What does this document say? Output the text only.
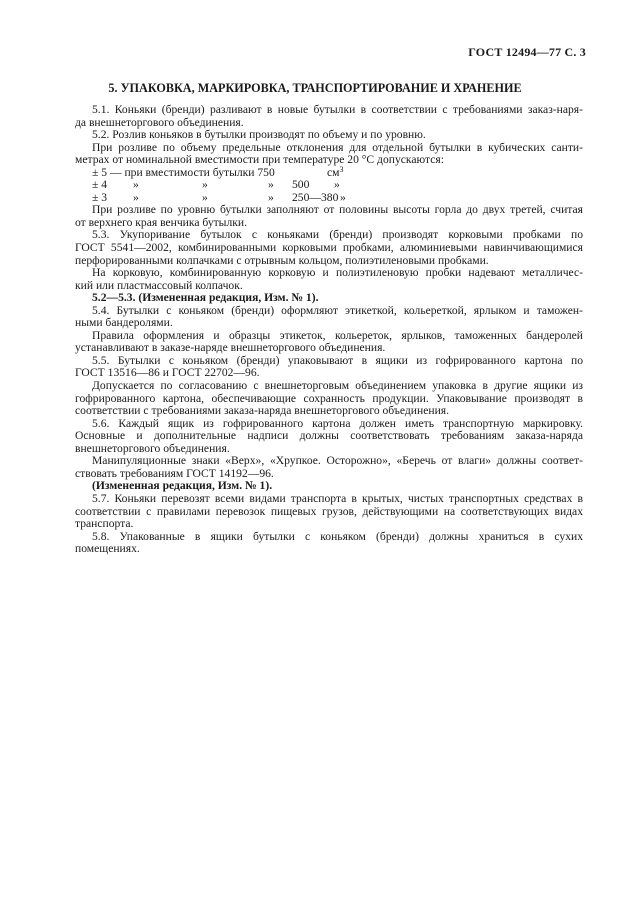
ГОСТ 12494—77 С. 3
5. УПАКОВКА, МАРКИРОВКА, ТРАНСПОРТИРОВАНИЕ И ХРАНЕНИЕ

5.1. Коньяки (бренди) разливают в новые бутылки в соответствии с требованиями заказ-наря-

да внешнеторгового объединения.

5.2. Розлив коньяков в бутылки производят по объему и по уровню.

При розливе по объему предельные отклонения для отдельной бутылки в кубических санти-

метрах от номинальной вместимости при температуре 20 °С допускаются:
± 5 — при вместимости бутылки 750	$см^3$
± 4 »	»	» 500 »
± 3 »	»	» 250—380 »

При розливе по уровню бутылки заполняют от половины высоты горла до двух третей, считая

от верхнего края венчика бутылки.

5.3. Укупоривание бутылок с коньяками (бренди) производят корковыми пробками по

ГОСТ 5541—2002, комбинированными корковыми пробками, алюминиевыми навинчивающимися
перфорированными колпачками с отрывным кольцом, полиэтиленовыми пробками.

На корковую, комбинированную корковую и полиэтиленовую пробки надевают металличес-

кий или пластмассовый колпачок.

5.2—5.3. (Измененная редакция, Изм. № 1).

5.4. Бутылки с коньяком (бренди) оформляют этикеткой, кольереткой, ярлыком и таможен-

ными бандеролями.

Правила оформления и образцы этикеток, кольереток, ярлыков, таможенных бандеролей

устанавливают в заказе-наряде внешнеторгового объединения.

5.5. Бутылки с коньяком (бренди) упаковывают в ящики из гофрированного картона по

ГОСТ 13516—86 и ГОСТ 22702—96.

Допускается по согласованию с внешнеторговым объединением упаковка в другие ящики из

гофрированного картона, обеспечивающие сохранность продукции. Упаковывание производят в
соответствии с требованиями заказа-наряда внешнеторгового объединения.

5.6. Каждый ящик из гофрированного картона должен иметь транспортную маркировку.

Основные и дополнительные надписи должны соответствовать требованиям заказа-наряда
внешнеторгового объединения.

Манипуляционные знаки «Верх», «Хрупкое. Осторожно», «Беречь от влаги» должны соответ-

ствовать требованиям ГОСТ 14192—96.

(Измененная редакция, Изм. № 1).

5.7. Коньяки перевозят всеми видами транспорта в крытых, чистых транспортных средствах в

соответствии с правилами перевозок пищевых грузов, действующими на соответствующих видах
транспорта.

5.8. Упакованные в ящики бутылки с коньяком (бренди) должны храниться в сухих

помещениях.
